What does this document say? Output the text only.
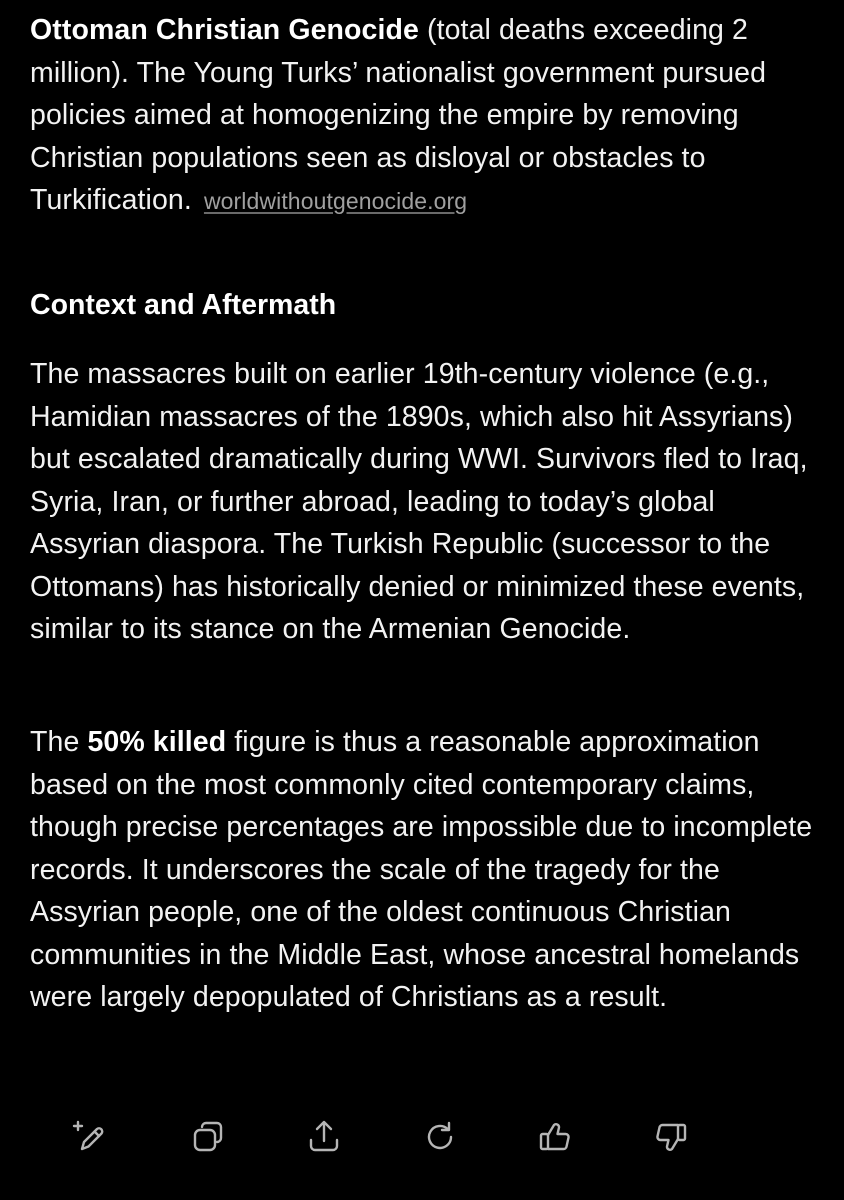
Ottoman Christian Genocide (total deaths exceeding 2 million). The Young Turks’ nationalist government pursued policies aimed at homogenizing the empire by removing Christian populations seen as disloyal or obstacles to Turkification. worldwithoutgenocide.org

Context and Aftermath

The massacres built on earlier 19th-century violence (e.g., Hamidian massacres of the 1890s, which also hit Assyrians) but escalated dramatically during WWI. Survivors fled to Iraq, Syria, Iran, or further abroad, leading to today’s global Assyrian diaspora. The Turkish Republic (successor to the Ottomans) has historically denied or minimized these events, similar to its stance on the Armenian Genocide.

The 50% killed figure is thus a reasonable approximation based on the most commonly cited contemporary claims, though precise percentages are impossible due to incomplete records. It underscores the scale of the tragedy for the Assyrian people, one of the oldest continuous Christian communities in the Middle East, whose ancestral homelands were largely depopulated of Christians as a result.
